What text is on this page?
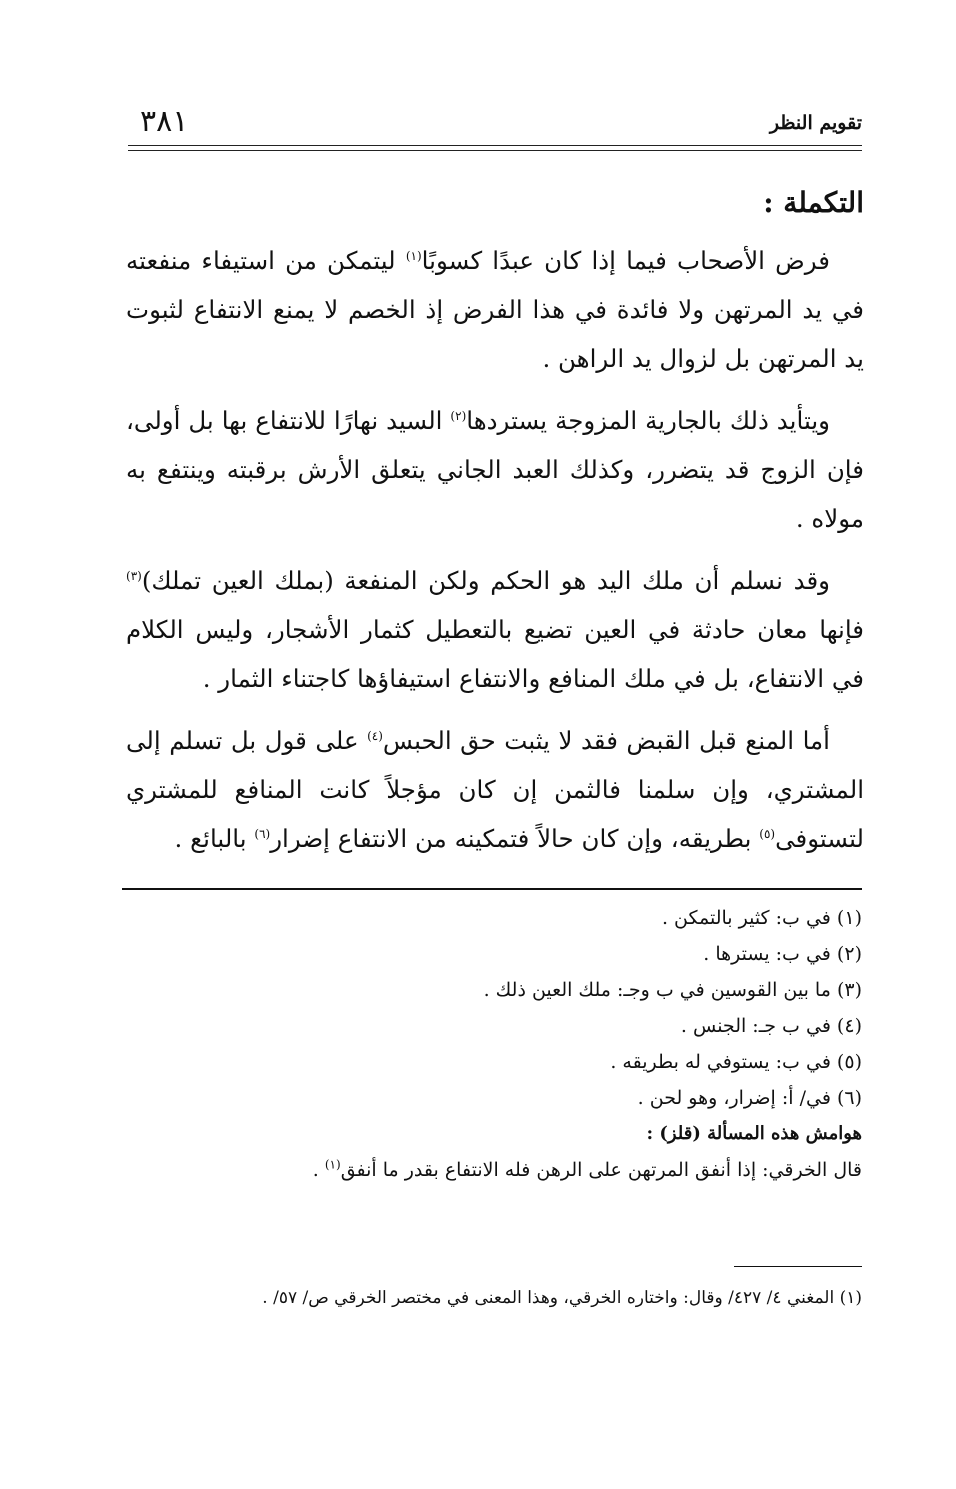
تقويم النظر
٣٨١
التكملة :

فرض الأصحاب فيما إذا كان عبدًا كسوبًا$^{(١)}$ ليتمكن من استيفاء منفعته في يد المرتهن ولا فائدة في هذا الفرض إذ الخصم لا يمنع الانتفاع لثبوت يد المرتهن بل لزوال يد الراهن .

ويتأيد ذلك بالجارية المزوجة يستردها$^{(٢)}$ السيد نهارًا للانتفاع بها بل أولى، فإن الزوج قد يتضرر، وكذلك العبد الجاني يتعلق الأرش برقبته وينتفع به مولاه .

وقد نسلم أن ملك اليد هو الحكم ولكن المنفعة (بملك العين تملك)$^{(٣)}$ فإنها معان حادثة في العين تضيع بالتعطيل كثمار الأشجار، وليس الكلام في الانتفاع، بل في ملك المنافع والانتفاع استيفاؤها كاجتناء الثمار .

أما المنع قبل القبض فقد لا يثبت حق الحبس$^{(٤)}$ على قول بل تسلم إلى المشتري، وإن سلمنا فالثمن إن كان مؤجلاً كانت المنافع للمشتري لتستوفى$^{(٥)}$ بطريقه، وإن كان حالاً فتمكينه من الانتفاع إضرار$^{(٦)}$ بالبائع .

(١) في ب: كثير بالتمكن .
(٢) في ب: يسترها .
(٣) ما بين القوسين في ب وجـ: ملك العين ذلك .
(٤) في ب جـ: الجنس .
(٥) في ب: يستوفي له بطريقه .
(٦) في/ أ: إضرار، وهو لحن .
هوامش هذه المسألة (قلز) :
قال الخرقي: إذا أنفق المرتهن على الرهن فله الانتفاع بقدر ما أنفق$^{(١)}$ .
(١) المغني ٤/ ٤٢٧/ وقال: واختاره الخرقي، وهذا المعنى في مختصر الخرقي ص/ ٥٧/ .
